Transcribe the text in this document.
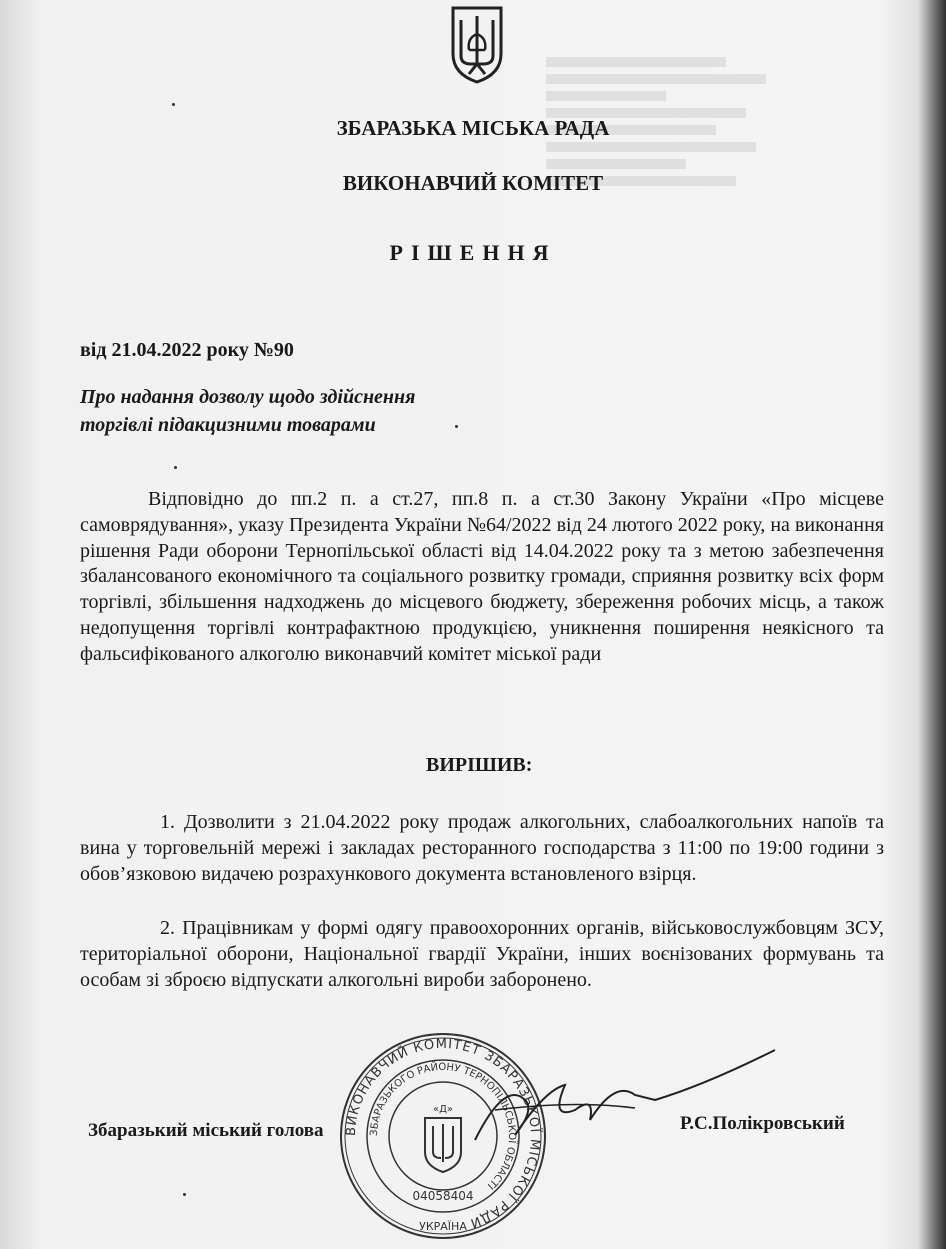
ЗБАРАЗЬКА МІСЬКА РАДА
ВИКОНАВЧИЙ КОМІТЕТ
РІШЕННЯ
від 21.04.2022 року №90
Про надання дозволу щодо здійснення
торгівлі підакцизними товарами
Відповідно до пп.2 п. а ст.27, пп.8 п. а ст.30 Закону України «Про місцеве самоврядування», указу Президента України №64/2022 від 24 лютого 2022 року, на виконання рішення Ради оборони Тернопільської області від 14.04.2022 року та з метою забезпечення збалансованого економічного та соціального розвитку громади, сприяння розвитку всіх форм торгівлі, збільшення надходжень до місцевого бюджету, збереження робочих місць, а також недопущення торгівлі контрафактною продукцією, уникнення поширення неякісного та фальсифікованого алкоголю виконавчий комітет міської ради
ВИРІШИВ:
1. Дозволити з 21.04.2022 року продаж алкогольних, слабоалкогольних напоїв та вина у торговельній мережі і закладах ресторанного господарства з 11:00 по 19:00 години з обов’язковою видачею розрахункового документа встановленого взірця.
2. Працівникам у формі одягу правоохоронних органів, військовослужбовцям ЗСУ, територіальної оборони, Національної гвардії України, інших воєнізованих формувань та особам зі зброєю відпускати алкогольні вироби заборонено.
Збаразький міський голова	Р.С.Полікровський
ВИКОНАВЧИЙ КОМІТЕТ ЗБАРАЗЬКОЇ МІСЬКОЇ РАДИ
ЗБАРАЗЬКОГО РАЙОНУ ТЕРНОПІЛЬСЬКОЇ ОБЛАСТІ
«Д»
04058404
УКРАЇНА
